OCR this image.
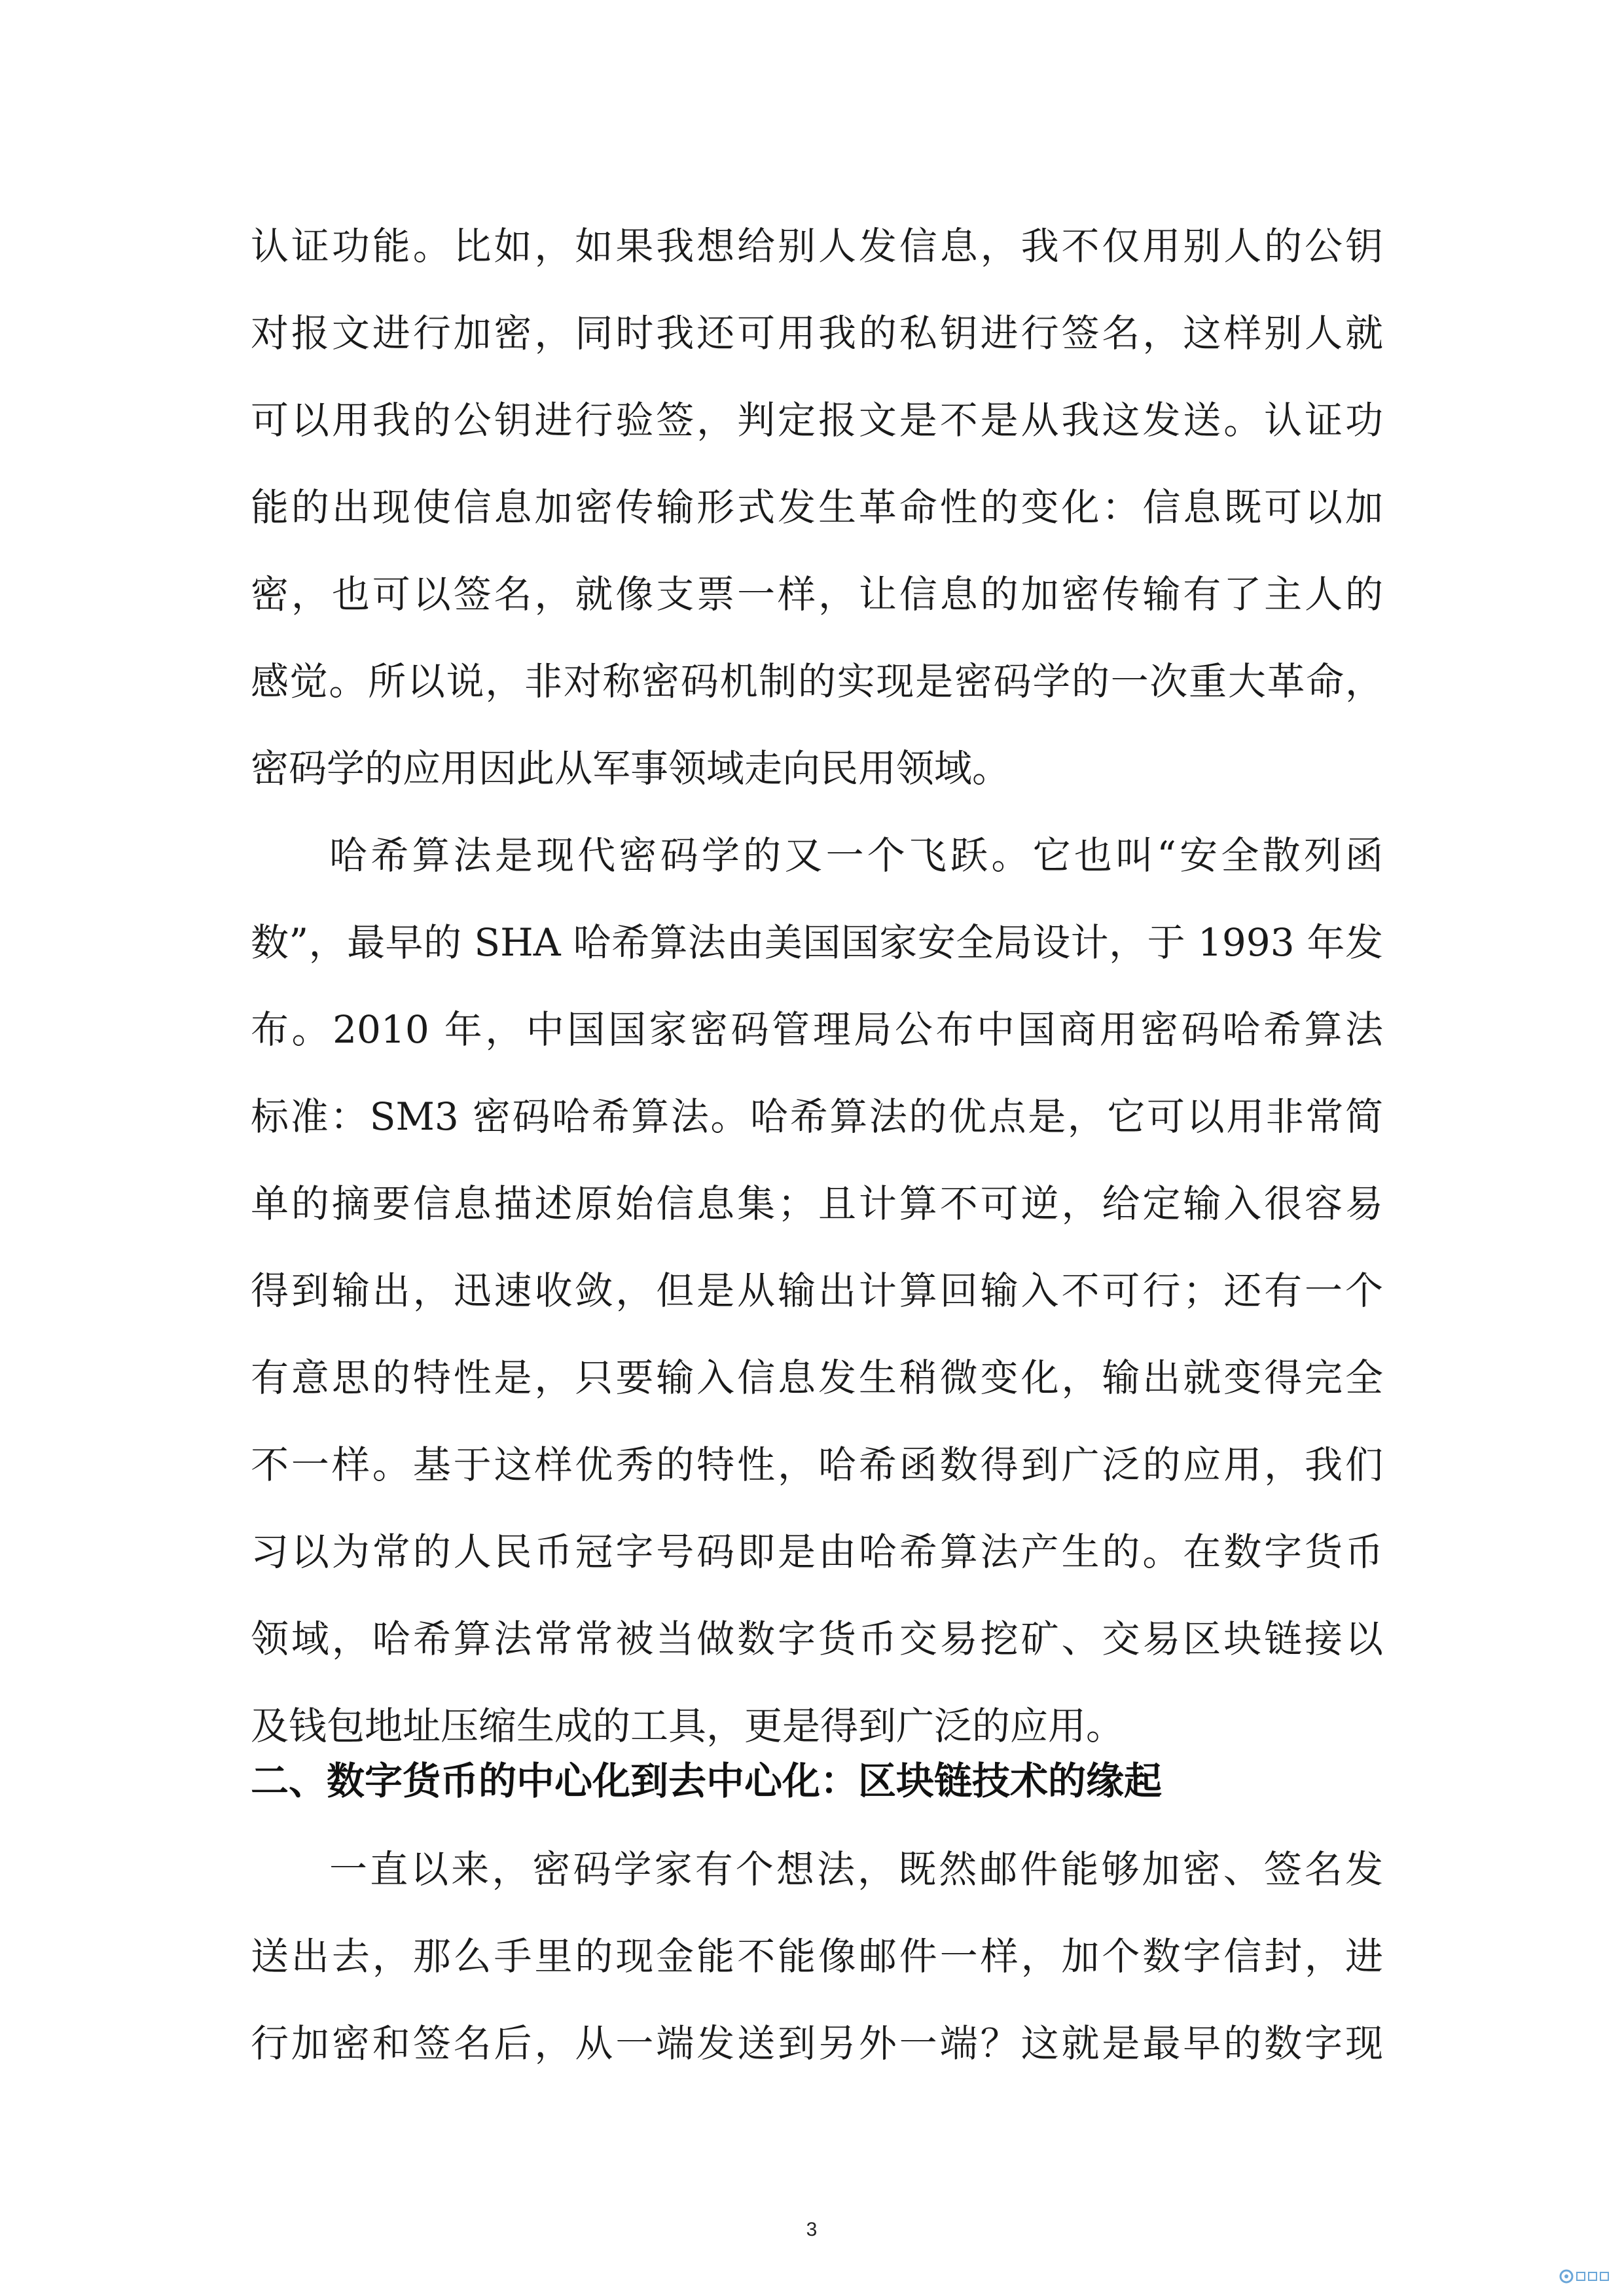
认证功能。比如，如果我想给别人发信息，我不仅用别人的公钥
对报文进行加密，同时我还可用我的私钥进行签名，这样别人就
可以用我的公钥进行验签，判定报文是不是从我这发送。认证功
能的出现使信息加密传输形式发生革命性的变化：信息既可以加
密，也可以签名，就像支票一样，让信息的加密传输有了主人的
感觉。所以说，非对称密码机制的实现是密码学的一次重大革命，
密码学的应用因此从军事领域走向民用领域。
哈希算法是现代密码学的又一个飞跃。它也叫“安全散列函
数”，最早的 SHA 哈希算法由美国国家安全局设计，于 1993 年发
布。2010 年，中国国家密码管理局公布中国商用密码哈希算法
标准：SM3 密码哈希算法。哈希算法的优点是，它可以用非常简
单的摘要信息描述原始信息集；且计算不可逆，给定输入很容易
得到输出，迅速收敛，但是从输出计算回输入不可行；还有一个
有意思的特性是，只要输入信息发生稍微变化，输出就变得完全
不一样。基于这样优秀的特性，哈希函数得到广泛的应用，我们
习以为常的人民币冠字号码即是由哈希算法产生的。在数字货币
领域，哈希算法常常被当做数字货币交易挖矿、交易区块链接以
及钱包地址压缩生成的工具，更是得到广泛的应用。
二、数字货币的中心化到去中心化：区块链技术的缘起
一直以来，密码学家有个想法，既然邮件能够加密、签名发
送出去，那么手里的现金能不能像邮件一样，加个数字信封，进
行加密和签名后，从一端发送到另外一端？这就是最早的数字现
3
